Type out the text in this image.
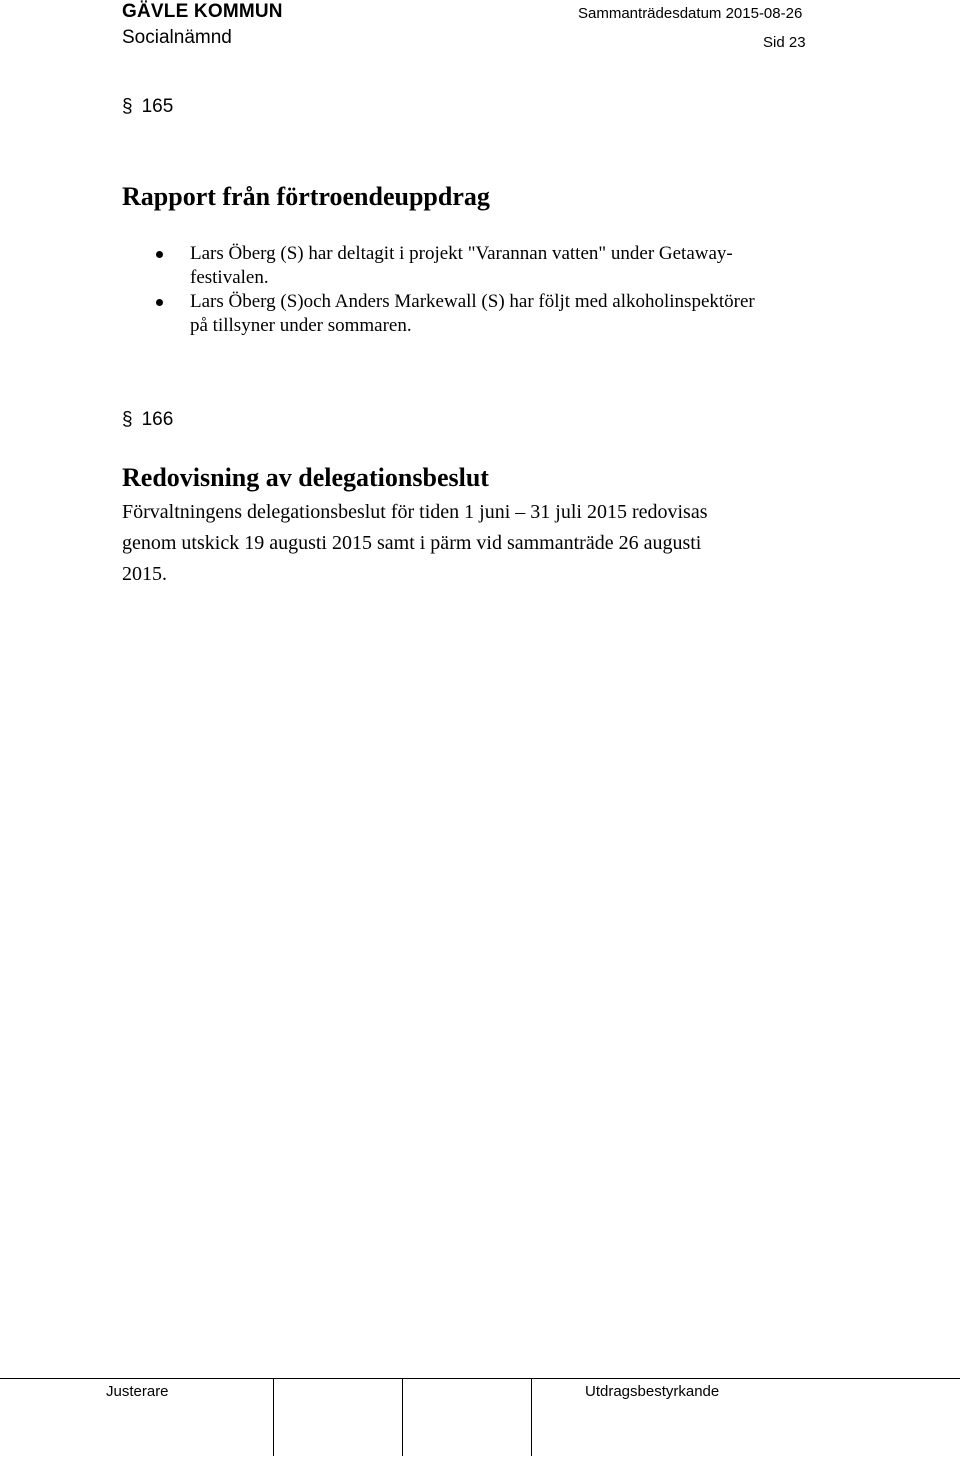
GÄVLE KOMMUN	Sammanträdesdatum 2015-08-26
Socialnämnd	Sid 23
§ 165
Rapport från förtroendeuppdrag
Lars Öberg (S) har deltagit i projekt "Varannan vatten" under Getaway-festivalen.
Lars Öberg (S)och Anders Markewall (S) har följt med alkoholinspektörer på tillsyner under sommaren.
§ 166
Redovisning av delegationsbeslut

Förvaltningens delegationsbeslut för tiden 1 juni – 31 juli 2015 redovisas genom utskick 19 augusti 2015 samt i pärm vid sammanträde 26 augusti 2015.

Justerare	Utdragsbestyrkande
